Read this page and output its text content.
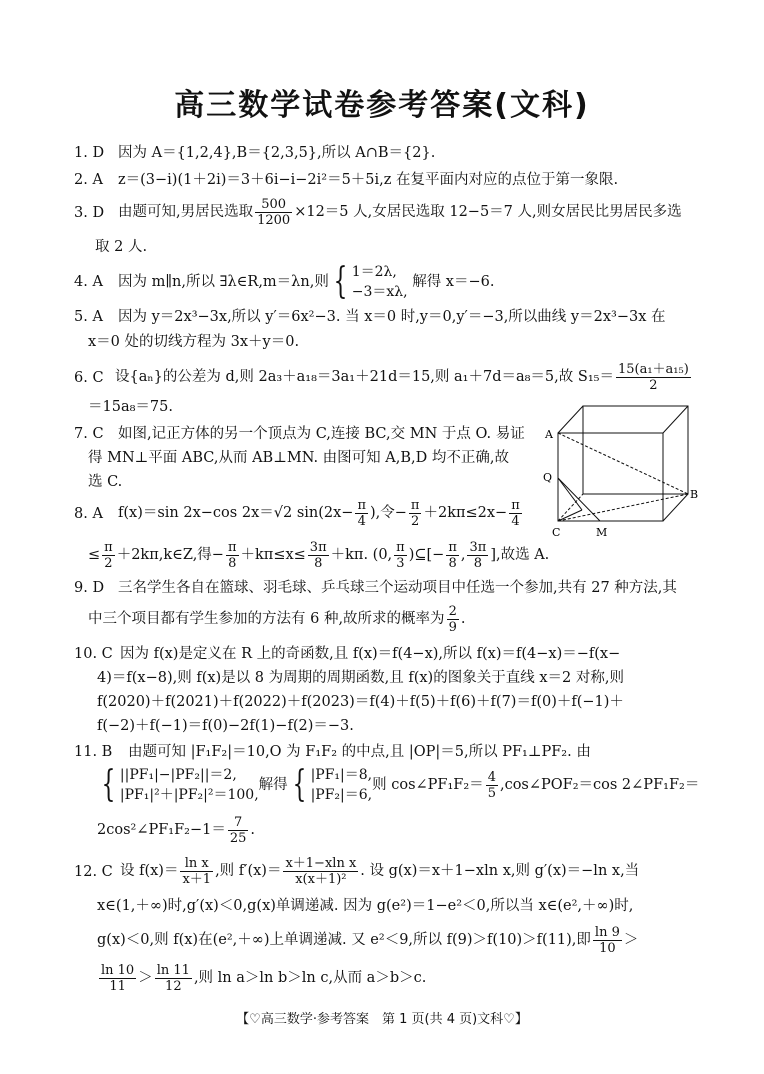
高三数学试卷参考答案(文科)
1. D 因为 A＝{1,2,4},B＝{2,3,5},所以 A∩B＝{2}.
2. A z＝(3−i)(1＋2i)＝3＋6i−i−2i²＝5＋5i,z 在复平面内对应的点位于第一象限.
3. D 由题可知,男居民选取 $\frac{500}{1200} \times 12=5$ 人,女居民选取 12−5＝7 人,则女居民比男居民多选
取 2 人.
4. A 因为 m∥n,所以 ∃λ∈R,m＝λn,则 { 1＝2λ,
−3＝xλ,
解得 x＝−6.
5. A 因为 y＝2x³−3x,所以 y′＝6x²−3. 当 x＝0 时,y＝0,y′＝−3,所以曲线 y＝2x³−3x 在
x＝0 处的切线方程为 3x＋y＝0.
6. C 设{aₙ}的公差为 d,则 2a₃＋a₁₈＝3a₁＋21d＝15,则 a₁＋7d＝a₈＝5,故 $S_{15}= \frac{\text{15(a₁＋a₁₅)}}{2}$
＝15a₈＝75.
7. C 如图,记正方体的另一个顶点为 C,连接 BC,交 MN 于点 O. 易证
得 MN⊥平面 ABC,从而 AB⊥MN. 由图可知 A,B,D 均不正确,故
选 C.
A
B
C	M
Q
8. A f(x)＝sin 2x−cos 2x＝√2 $\sin(2x- \frac{\pi}{4}$ ),令− $\frac{\pi}{2} +2k\pi\le 2x- \frac{\pi}{4}$
≤ $\frac{\pi}{2}$ ＋2kπ,k∈Z,得− $\frac{\pi}{8} +k\pi\le x\le \frac{3\pi}{8} +k\pi$. (0, $\frac{\pi}{3}$ )⊆[− $\frac{\pi}{8}$ , $\frac{3\pi}{8}$ ],故选 A.
9. D 三名学生各自在篮球、羽毛球、乒乓球三个运动项目中任选一个参加,共有 27 种方法,其
中三个项目都有学生参加的方法有 6 种,故所求的概率为 $\frac{2}{9}$ .
10. C 因为 f(x)是定义在 R 上的奇函数,且 f(x)＝f(4−x),所以 f(x)＝f(4−x)＝−f(x−
4)＝f(x−8),则 f(x)是以 8 为周期的周期函数,且 f(x)的图象关于直线 x＝2 对称,则
f(2020)＋f(2021)＋f(2022)＋f(2023)＝f(4)＋f(5)＋f(6)＋f(7)＝f(0)＋f(−1)＋
f(−2)＋f(−1)＝f(0)−2f(1)−f(2)＝−3.
11. B 由题可知 |F₁F₂|＝10,O 为 F₁F₂ 的中点,且 |OP|＝5,所以 PF₁⊥PF₂. 由
{ ||PF₁|−|PF₂||＝2,
|PF₁|²＋|PF₂|²＝100,
解得 { |PF₁|＝8,
|PF₂|＝6,
则 cos∠PF₁F₂＝ $\frac{4}{5}$ ,cos∠POF₂＝cos 2∠PF₁F₂＝
2cos²∠PF₁F₂−1＝ $\frac{7}{25}$ .
12. C 设 $f(x)= \frac{\text{ln x}}{x+1}$ ,则 $f'(x)= \frac{\text{x＋1−xln x}}{\text{x(x＋1)²}}$ . 设 g(x)＝x＋1−xln x,则 g′(x)＝−ln x,当
x∈(1,＋∞)时,g′(x)＜0,g(x)单调递减. 因为 g(e²)＝1−e²＜0,所以当 x∈(e²,＋∞)时,
g(x)＜0,则 f(x)在(e²,＋∞)上单调递减. 又 e²＜9,所以 f(9)＞f(10)＞f(11),即 $\frac{\ln 9}{10}$ ＞
$\frac{\ln 10}{11} > \frac{\ln 11}{12}$ ,则 ln a＞ln b＞ln c,从而 a＞b＞c.
【♡高三数学·参考答案　第 1 页(共 4 页)文科♡】
